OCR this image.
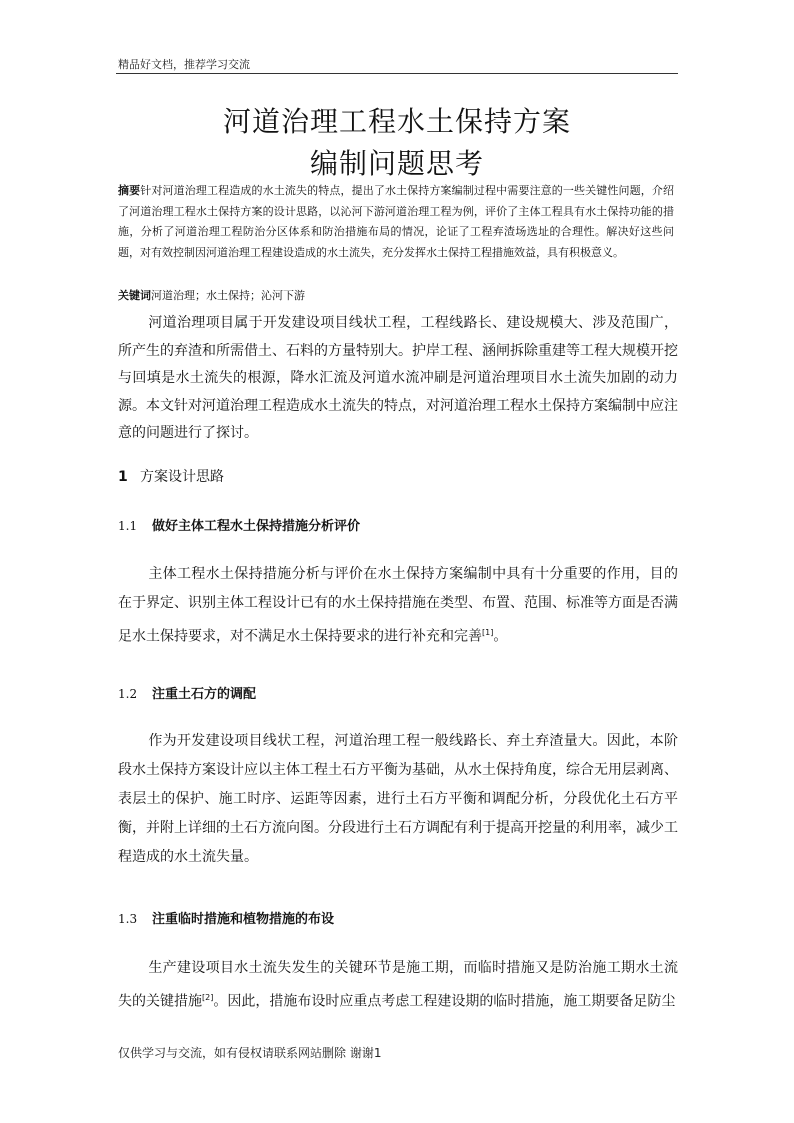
精品好文档，推荐学习交流
河道治理工程水土保持方案
编制问题思考
摘要针对河道治理工程造成的水土流失的特点，提出了水土保持方案编制过程中需要注意的一些关键性问题，介绍了河道治理工程水土保持方案的设计思路，以沁河下游河道治理工程为例，评价了主体工程具有水土保持功能的措施，分析了河道治理工程防治分区体系和防治措施布局的情况，论证了工程弃渣场选址的合理性。解决好这些问题，对有效控制因河道治理工程建设造成的水土流失，充分发挥水土保持工程措施效益，具有积极意义。
关键词河道治理；水土保持；沁河下游
河道治理项目属于开发建设项目线状工程，工程线路长、建设规模大、涉及范围广，所产生的弃渣和所需借土、石料的方量特别大。护岸工程、涵闸拆除重建等工程大规模开挖与回填是水土流失的根源，降水汇流及河道水流冲刷是河道治理项目水土流失加剧的动力源。本文针对河道治理工程造成水土流失的特点，对河道治理工程水土保持方案编制中应注意的问题进行了探讨。
1 方案设计思路
1.1 做好主体工程水土保持措施分析评价
主体工程水土保持措施分析与评价在水土保持方案编制中具有十分重要的作用，目的在于界定、识别主体工程设计已有的水土保持措施在类型、布置、范围、标准等方面是否满足水土保持要求，对不满足水土保持要求的进行补充和完善[1]。
1.2 注重土石方的调配
作为开发建设项目线状工程，河道治理工程一般线路长、弃土弃渣量大。因此，本阶段水土保持方案设计应以主体工程土石方平衡为基础，从水土保持角度，综合无用层剥离、表层土的保护、施工时序、运距等因素，进行土石方平衡和调配分析，分段优化土石方平衡，并附上详细的土石方流向图。分段进行土石方调配有利于提高开挖量的利用率，减少工程造成的水土流失量。
1.3 注重临时措施和植物措施的布设
生产建设项目水土流失发生的关键环节是施工期，而临时措施又是防治施工期水土流失的关键措施[2]。因此，措施布设时应重点考虑工程建设期的临时措施，施工期要备足防尘
仅供学习与交流，如有侵权请联系网站删除 谢谢1
